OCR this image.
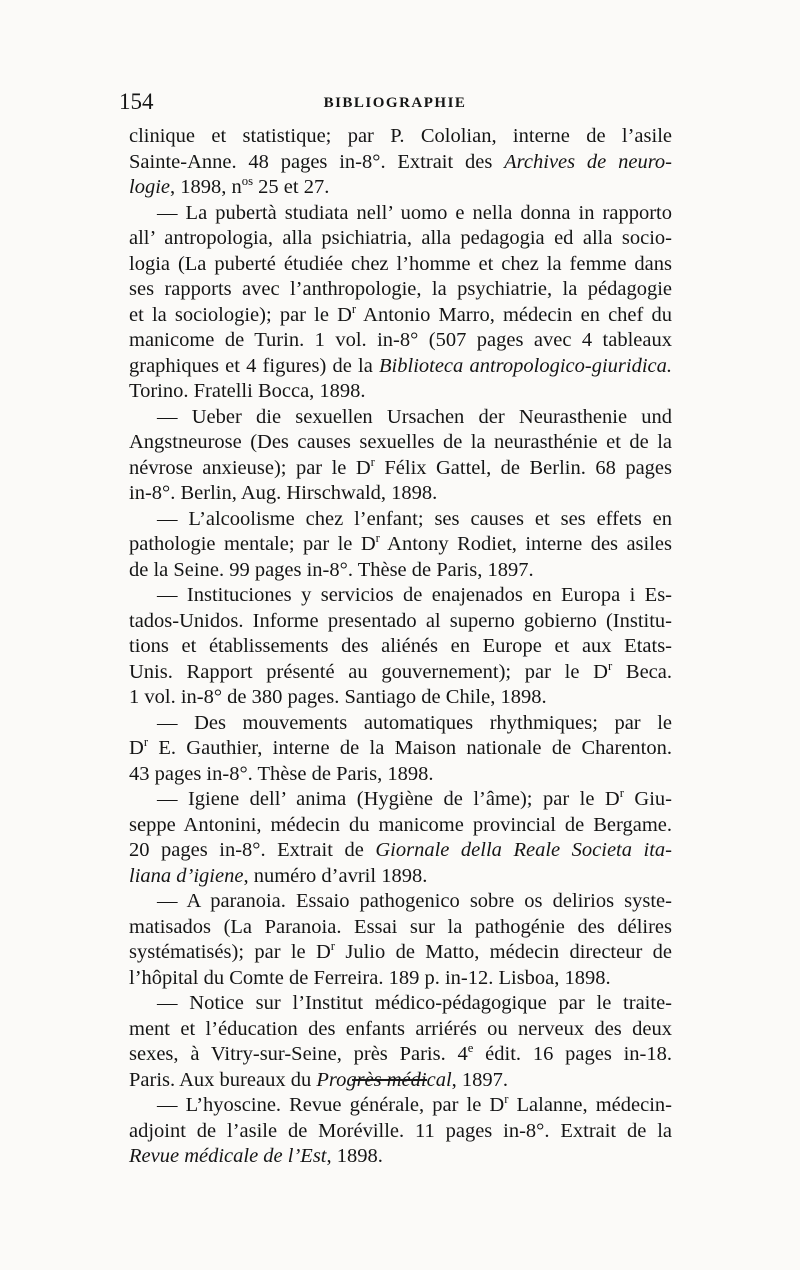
154	BIBLIOGRAPHIE
clinique et statistique; par P. Cololian, interne de l’asile
Sainte-Anne. 48 pages in-8°. Extrait des Archives de neuro-
logie, 1898, $n^{os}$ 25 et 27.
— La pubertà studiata nell’ uomo e nella donna in rapporto
all’ antropologia, alla psichiatria, alla pedagogia ed alla socio-
logia (La puberté étudiée chez l’homme et chez la femme dans
ses rapports avec l’anthropologie, la psychiatrie, la pédagogie
et la sociologie); par le $D^r$ Antonio Marro, médecin en chef du
manicome de Turin. 1 vol. in-8° (507 pages avec 4 tableaux
graphiques et 4 figures) de la Biblioteca antropologico-giuridica.
Torino. Fratelli Bocca, 1898.
— Ueber die sexuellen Ursachen der Neurasthenie und
Angstneurose (Des causes sexuelles de la neurasthénie et de la
névrose anxieuse); par le $D^r$ Félix Gattel, de Berlin. 68 pages
in-8°. Berlin, Aug. Hirschwald, 1898.
— L’alcoolisme chez l’enfant; ses causes et ses effets en
pathologie mentale; par le $D^r$ Antony Rodiet, interne des asiles
de la Seine. 99 pages in-8°. Thèse de Paris, 1897.
— Instituciones y servicios de enajenados en Europa i Es-
tados-Unidos. Informe presentado al superno gobierno (Institu-
tions et établissements des aliénés en Europe et aux Etats-
Unis. Rapport présenté au gouvernement); par le $D^r$ Beca.
1 vol. in-8° de 380 pages. Santiago de Chile, 1898.
— Des mouvements automatiques rhythmiques; par le
$D^r$ E. Gauthier, interne de la Maison nationale de Charenton.
43 pages in-8°. Thèse de Paris, 1898.
— Igiene dell’ anima (Hygiène de l’âme); par le $D^r$ Giu-
seppe Antonini, médecin du manicome provincial de Bergame.
20 pages in-8°. Extrait de Giornale della Reale Societa ita-
liana d’igiene, numéro d’avril 1898.
— A paranoia. Essaio pathogenico sobre os delirios syste-
matisados (La Paranoia. Essai sur la pathogénie des délires
systématisés); par le $D^r$ Julio de Matto, médecin directeur de
l’hôpital du Comte de Ferreira. 189 p. in-12. Lisboa, 1898.
— Notice sur l’Institut médico-pédagogique par le traite-
ment et l’éducation des enfants arriérés ou nerveux des deux
sexes, à Vitry-sur-Seine, près Paris. 4e édit. 16 pages in-18.
Paris. Aux bureaux du Progrès médical, 1897.
— L’hyoscine. Revue générale, par le $D^r$ Lalanne, médecin-
adjoint de l’asile de Moréville. 11 pages in-8°. Extrait de la
Revue médicale de l’Est, 1898.
